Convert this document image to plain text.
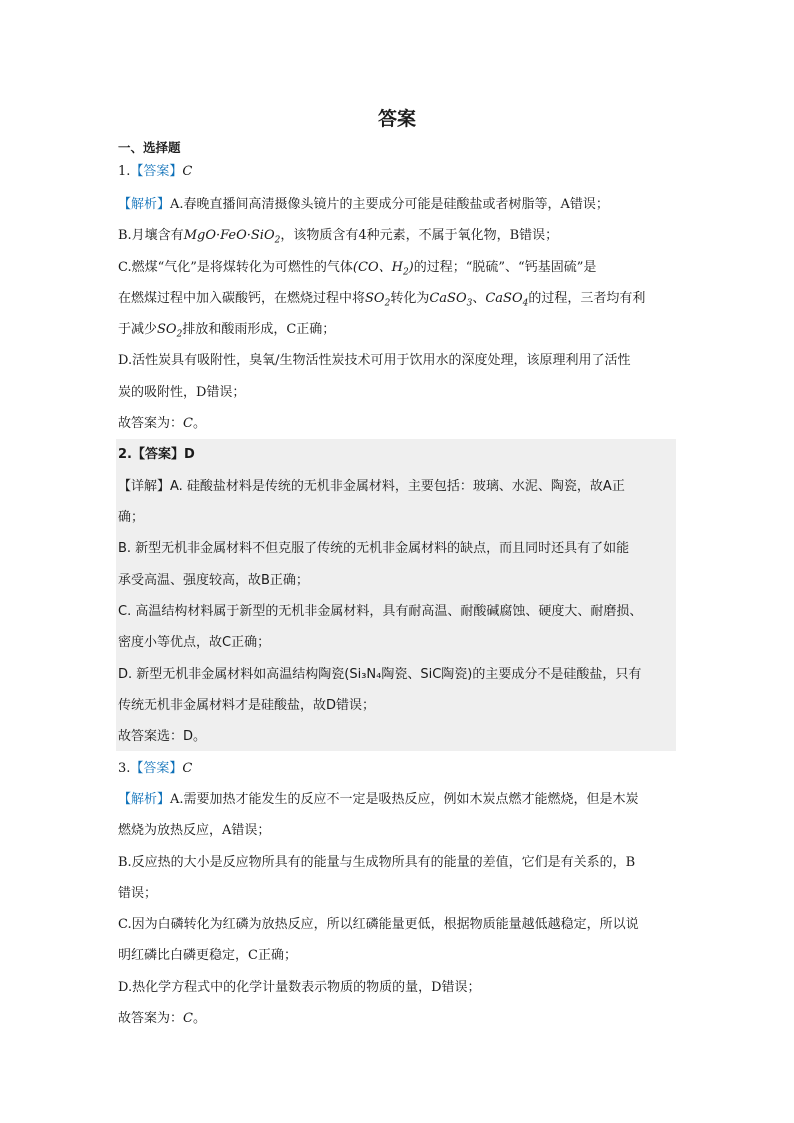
答案
一、选择题
1.【答案】C
【解析】A.春晚直播间高清摄像头镜片的主要成分可能是硅酸盐或者树脂等，A错误；
B.月壤含有MgO·FeO·SiO$_2$，该物质含有4种元素，不属于氧化物，B错误；
C.燃煤“气化”是将煤转化为可燃性的气体(CO、$H_2$)的过程；“脱硫”、“钙基固硫”是
在燃煤过程中加入碳酸钙，在燃烧过程中将$SO_2$转化为CaSO$_3$、CaSO$_4$的过程，三者均有利
于减少$SO_2$排放和酸雨形成，C正确；
D.活性炭具有吸附性，臭氧/生物活性炭技术可用于饮用水的深度处理，该原理利用了活性
炭的吸附性，D错误；
故答案为：C。
2.【答案】D
【详解】A. 硅酸盐材料是传统的无机非金属材料，主要包括：玻璃、水泥、陶瓷，故A正
确；
B. 新型无机非金属材料不但克服了传统的无机非金属材料的缺点，而且同时还具有了如能
承受高温、强度较高，故B正确；
C. 高温结构材料属于新型的无机非金属材料，具有耐高温、耐酸碱腐蚀、硬度大、耐磨损、
密度小等优点，故C正确；
D. 新型无机非金属材料如高温结构陶瓷(Si₃N₄陶瓷、SiC陶瓷)的主要成分不是硅酸盐，只有
传统无机非金属材料才是硅酸盐，故D错误；
故答案选：D。
3.【答案】C
【解析】A.需要加热才能发生的反应不一定是吸热反应，例如木炭点燃才能燃烧，但是木炭
燃烧为放热反应，A错误；
B.反应热的大小是反应物所具有的能量与生成物所具有的能量的差值，它们是有关系的，B
错误；
C.因为白磷转化为红磷为放热反应，所以红磷能量更低，根据物质能量越低越稳定，所以说
明红磷比白磷更稳定，C正确；
D.热化学方程式中的化学计量数表示物质的物质的量，D错误；
故答案为：C。
